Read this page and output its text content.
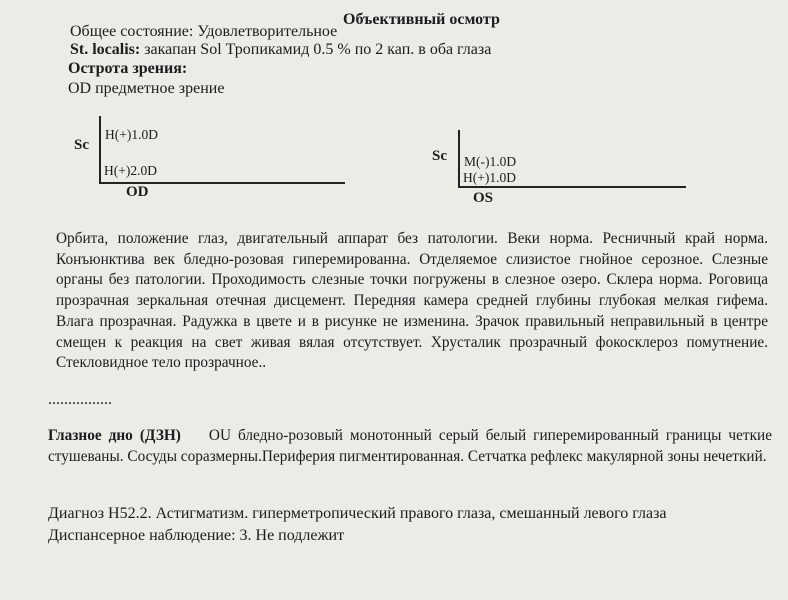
Объективный осмотр
Общее состояние: Удовлетворительное
St. localis: закапан Sol Тропикамид 0.5 % по 2 кап. в оба глаза
Острота зрения:
OD предметное зрение
Sc
H(+)1.0D
H(+)2.0D
OD
Sc M(-)1.0D
H(+)1.0D
OS
Орбита, положение глаз, двигательный аппарат без патологии. Веки норма. Ресничный край норма. Конъюнктива век бледно-розовая гиперемированна. Отделяемое слизистое гнойное серозное. Слезные органы без патологии. Проходимость слезные точки погружены в слезное озеро. Склера норма. Роговица прозрачная зеркальная отечная дисцемент. Передняя камера средней глубины глубокая мелкая гифема. Влага прозрачная. Радужка в цвете и в рисунке не изменина. Зрачок правильный неправильный в центре смещен к реакция на свет живая вялая отсутствует. Хрусталик прозрачный фокосклероз помутнение. Стекловидное тело прозрачное..
................
Глазное дно (ДЗН) OU бледно-розовый монотонный серый белый гиперемированный границы четкие стушеваны. Сосуды соразмерны.Периферия пигментированная. Сетчатка рефлекс макулярной зоны нечеткий.
Диагноз Н52.2. Астигматизм. гиперметропический правого глаза, смешанный левого глаза
Диспансерное наблюдение: 3. Не подлежит
